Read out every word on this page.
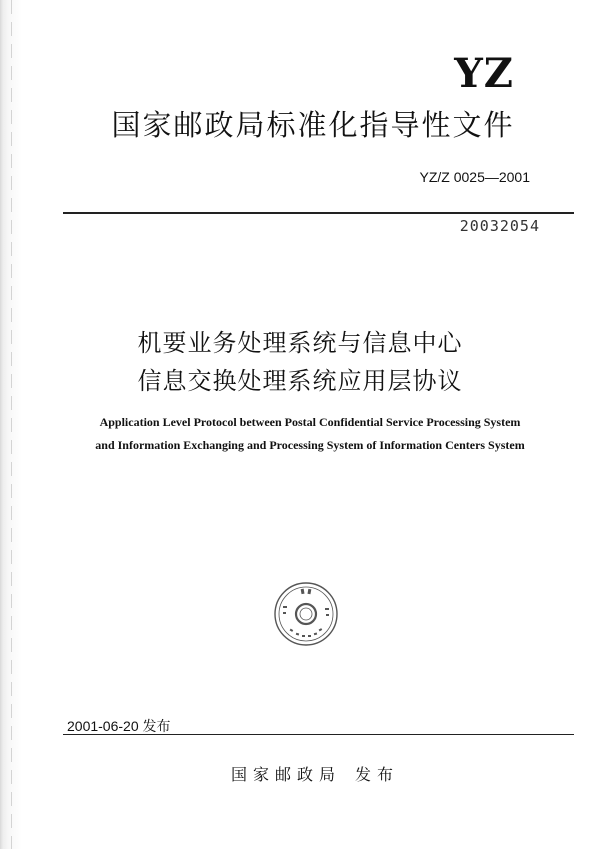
YZ
国家邮政局标准化指导性文件
YZ/Z 0025—2001
20032054
机要业务处理系统与信息中心
信息交换处理系统应用层协议
Application Level Protocol between Postal Confidential Service Processing System
and Information Exchanging and Processing System of Information Centers System
2001-06-20 发布
国家邮政局 发布
